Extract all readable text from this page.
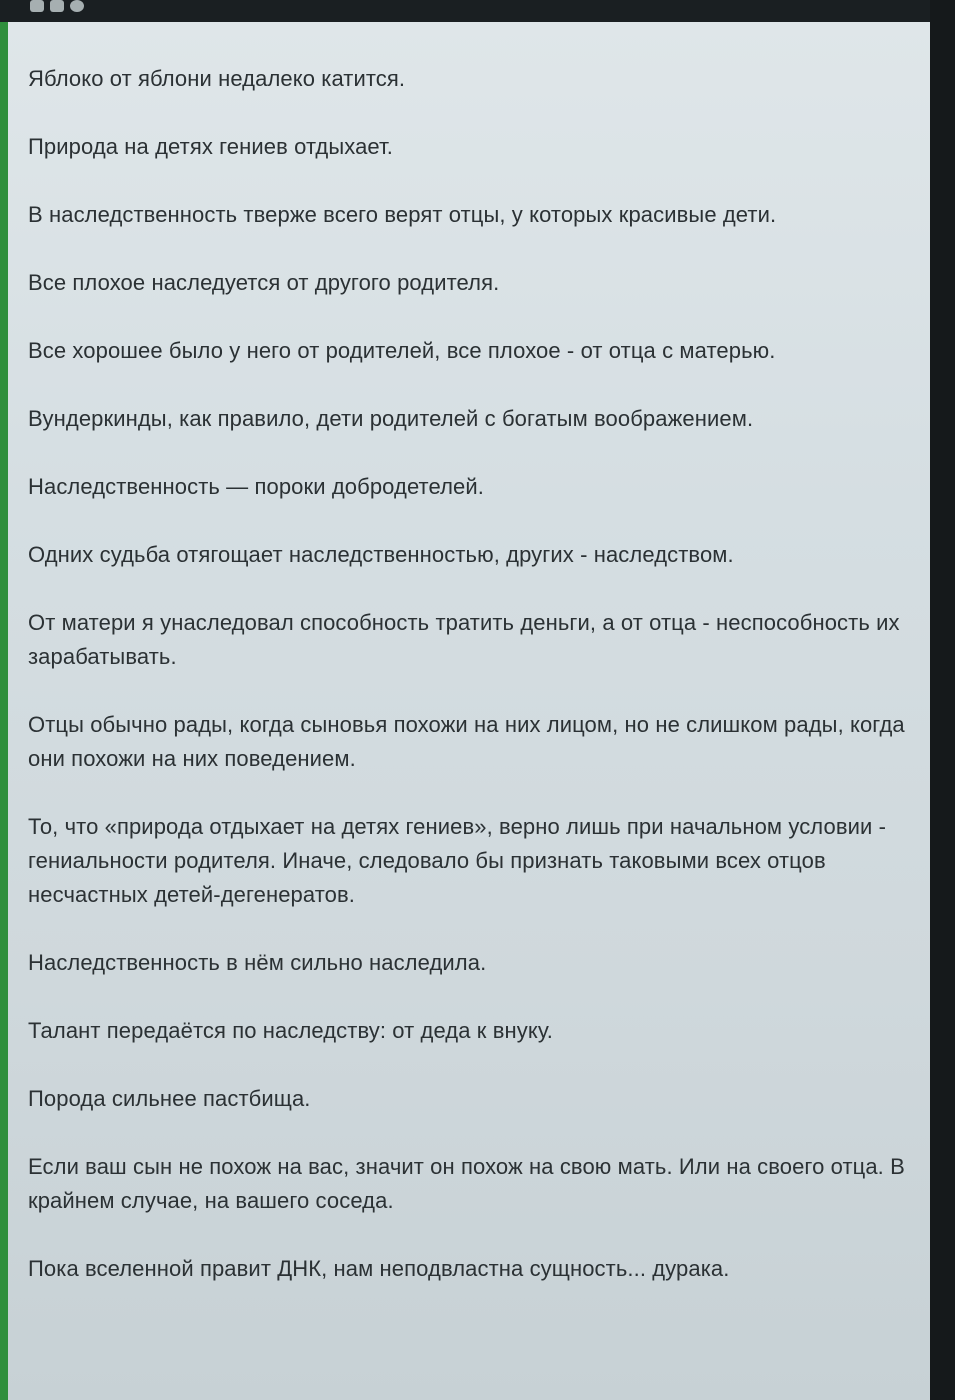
Яблоко от яблони недалеко катится.
Природа на детях гениев отдыхает.
В наследственность тверже всего верят отцы, у которых красивые дети.
Все плохое наследуется от другого родителя.
Все хорошее было у него от родителей, все плохое - от отца с матерью.
Вундеркинды, как правило, дети родителей с богатым воображением.
Наследственность — пороки добродетелей.
Одних судьба отягощает наследственностью, других - наследством.
От матери я унаследовал способность тратить деньги, а от отца - неспособность их зарабатывать.
Отцы обычно рады, когда сыновья похожи на них лицом, но не слишком рады, когда они похожи на них поведением.
То, что «природа отдыхает на детях гениев», верно лишь при начальном условии - гениальности родителя. Иначе, следовало бы признать таковыми всех отцов несчастных детей-дегенератов.
Наследственность в нём сильно наследила.
Талант передаётся по наследству: от деда к внуку.
Порода сильнее пастбища.
Если ваш сын не похож на вас, значит он похож на свою мать. Или на своего отца. В крайнем случае, на вашего соседа.
Пока вселенной правит ДНК, нам неподвластна сущность... дурака.
